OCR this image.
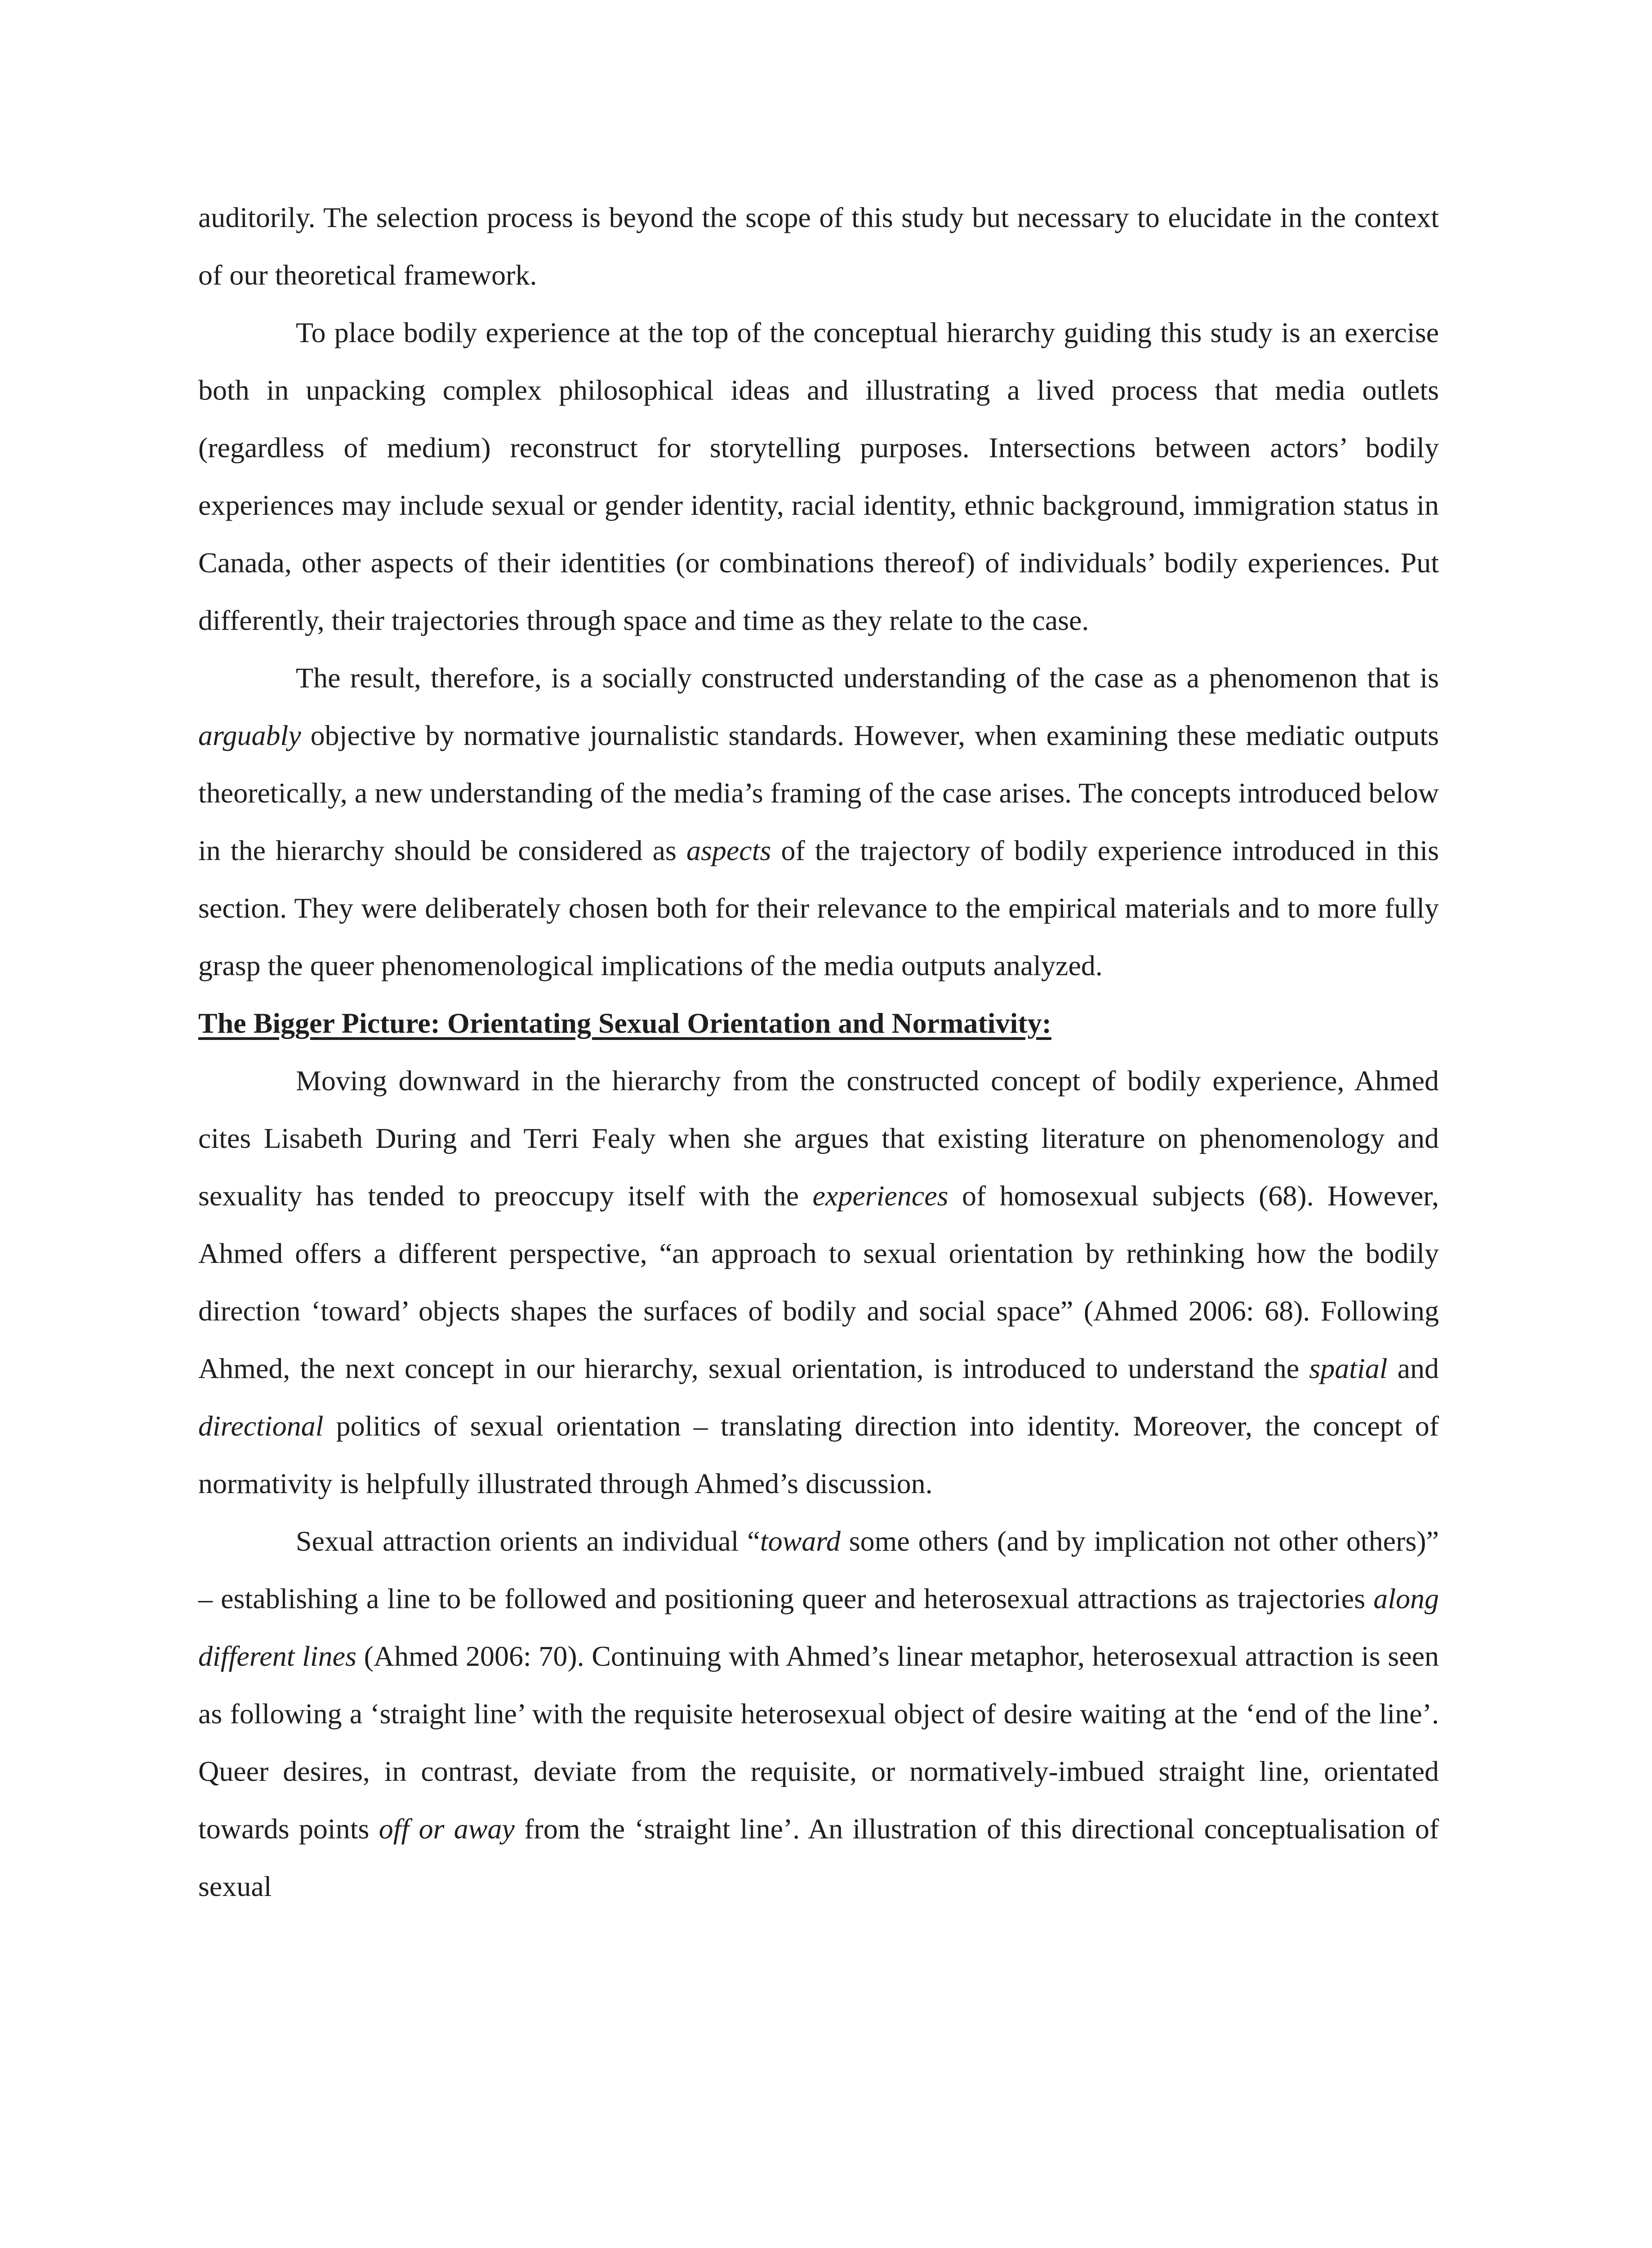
auditorily. The selection process is beyond the scope of this study but necessary to elucidate in the context of our theoretical framework.

To place bodily experience at the top of the conceptual hierarchy guiding this study is an exercise both in unpacking complex philosophical ideas and illustrating a lived process that media outlets (regardless of medium) reconstruct for storytelling purposes. Intersections between actors’ bodily experiences may include sexual or gender identity, racial identity, ethnic background, immigration status in Canada, other aspects of their identities (or combinations thereof) of individuals’ bodily experiences. Put differently, their trajectories through space and time as they relate to the case.

The result, therefore, is a socially constructed understanding of the case as a phenomenon that is arguably objective by normative journalistic standards. However, when examining these mediatic outputs theoretically, a new understanding of the media’s framing of the case arises. The concepts introduced below in the hierarchy should be considered as aspects of the trajectory of bodily experience introduced in this section. They were deliberately chosen both for their relevance to the empirical materials and to more fully grasp the queer phenomenological implications of the media outputs analyzed.

The Bigger Picture: Orientating Sexual Orientation and Normativity:

Moving downward in the hierarchy from the constructed concept of bodily experience, Ahmed cites Lisabeth During and Terri Fealy when she argues that existing literature on phenomenology and sexuality has tended to preoccupy itself with the experiences of homosexual subjects (68). However, Ahmed offers a different perspective, “an approach to sexual orientation by rethinking how the bodily direction ‘toward’ objects shapes the surfaces of bodily and social space” (Ahmed 2006: 68). Following Ahmed, the next concept in our hierarchy, sexual orientation, is introduced to understand the spatial and directional politics of sexual orientation – translating direction into identity. Moreover, the concept of normativity is helpfully illustrated through Ahmed’s discussion.

Sexual attraction orients an individual “toward some others (and by implication not other others)” – establishing a line to be followed and positioning queer and heterosexual attractions as trajectories along different lines (Ahmed 2006: 70). Continuing with Ahmed’s linear metaphor, heterosexual attraction is seen as following a ‘straight line’ with the requisite heterosexual object of desire waiting at the ‘end of the line’. Queer desires, in contrast, deviate from the requisite, or normatively-imbued straight line, orientated towards points off or away from the ‘straight line’. An illustration of this directional conceptualisation of sexual
